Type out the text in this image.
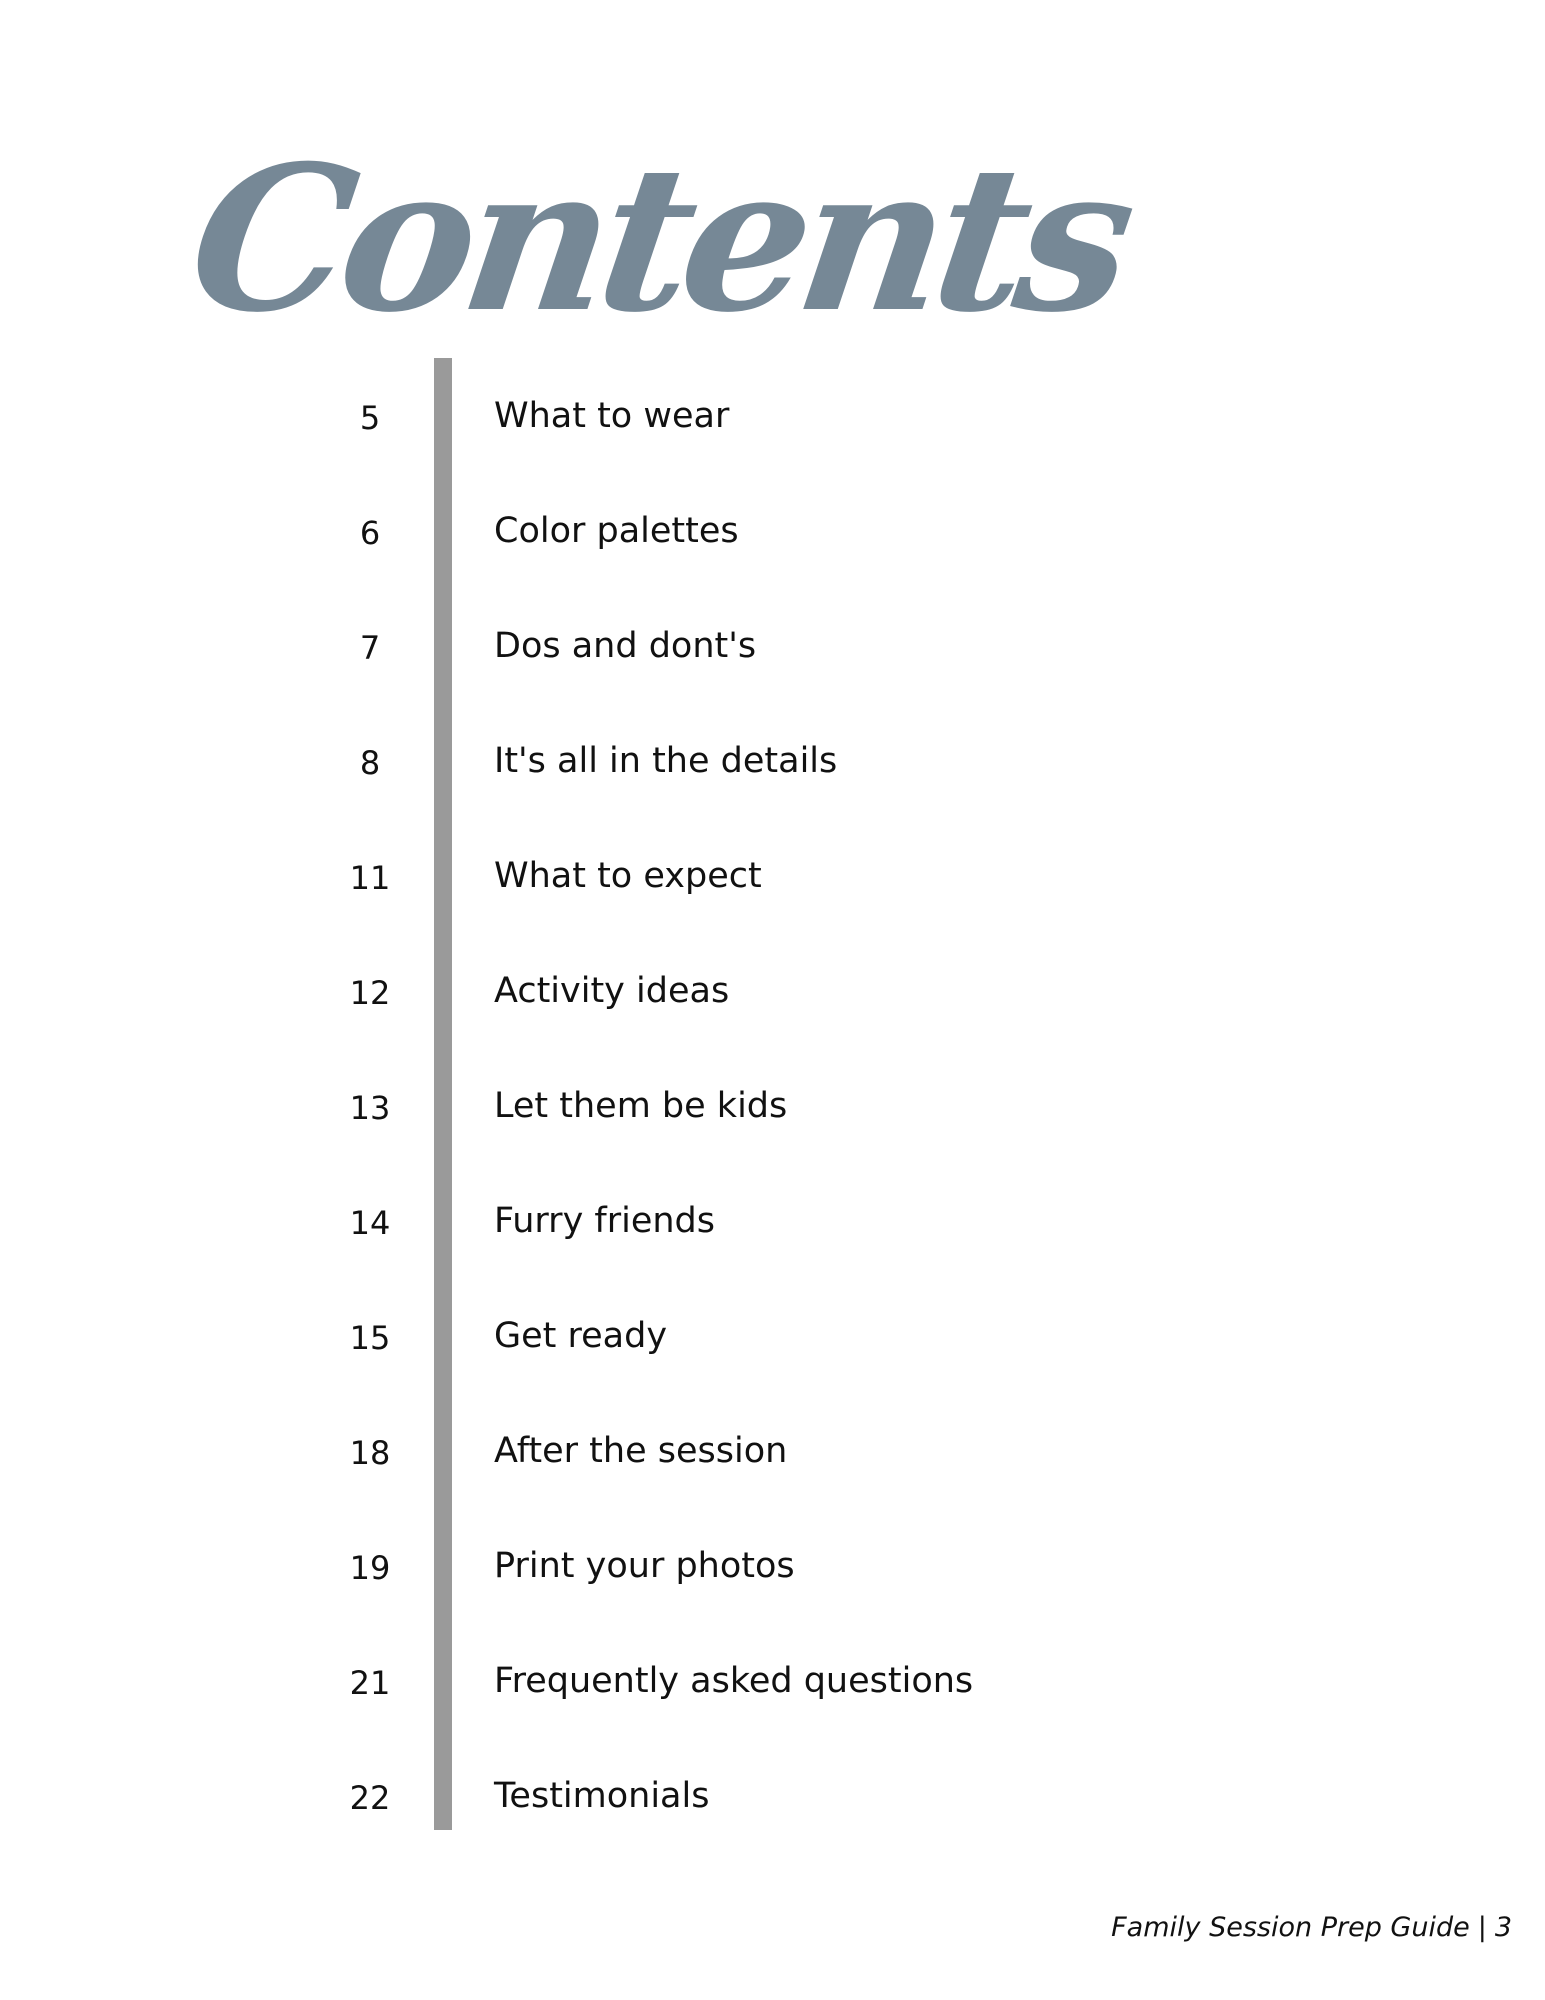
Contents
5	What to wear
6	Color palettes
7	Dos and dont's
8	It's all in the details
11	What to expect
12	Activity ideas
13	Let them be kids
14	Furry friends
15	Get ready
18	After the session
19	Print your photos
21	Frequently asked questions
22	Testimonials
Family Session Prep Guide | 3
